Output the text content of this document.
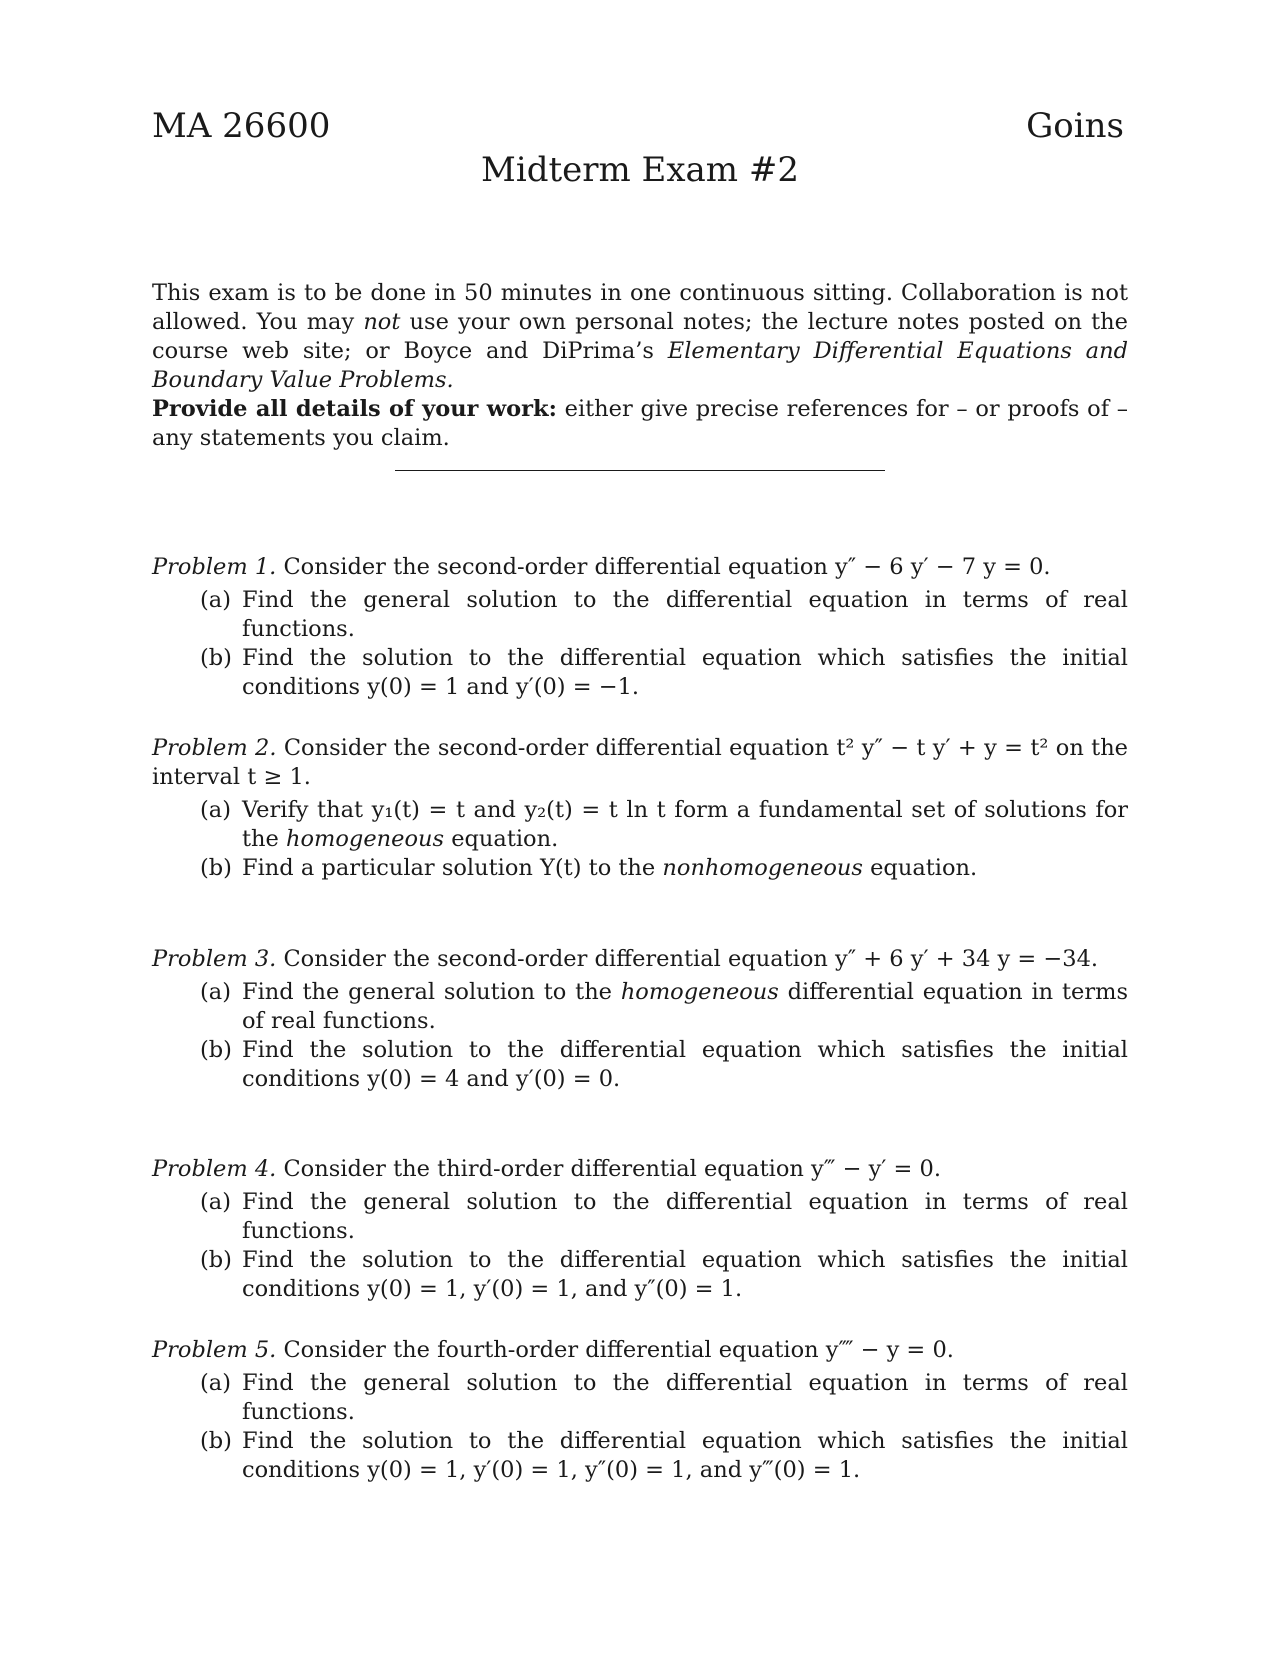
MA 26600	Goins
Midterm Exam #2
This exam is to be done in 50 minutes in one continuous sitting. Collaboration is not allowed. You may not use your own personal notes; the lecture notes posted on the course web site; or Boyce and DiPrima’s Elementary Differential Equations and Boundary Value Problems.
Provide all details of your work: either give precise references for – or proofs of – any statements you claim.
Problem 1. Consider the second-order differential equation y″ − 6 y′ − 7 y = 0.
(a) Find the general solution to the differential equation in terms of real functions.
(b) Find the solution to the differential equation which satisfies the initial conditions y(0) = 1 and y′(0) = −1.
Problem 2. Consider the second-order differential equation t² y″ − t y′ + y = t² on the interval t ≥ 1.
(a) Verify that y₁(t) = t and y₂(t) = t ln t form a fundamental set of solutions for the homogeneous equation.
(b) Find a particular solution Y(t) to the nonhomogeneous equation.
Problem 3. Consider the second-order differential equation y″ + 6 y′ + 34 y = −34.
(a) Find the general solution to the homogeneous differential equation in terms of real functions.
(b) Find the solution to the differential equation which satisfies the initial conditions y(0) = 4 and y′(0) = 0.
Problem 4. Consider the third-order differential equation y‴ − y′ = 0.
(a) Find the general solution to the differential equation in terms of real functions.
(b) Find the solution to the differential equation which satisfies the initial conditions y(0) = 1, y′(0) = 1, and y″(0) = 1.
Problem 5. Consider the fourth-order differential equation y⁗ − y = 0.
(a) Find the general solution to the differential equation in terms of real functions.
(b) Find the solution to the differential equation which satisfies the initial conditions y(0) = 1, y′(0) = 1, y″(0) = 1, and y‴(0) = 1.
